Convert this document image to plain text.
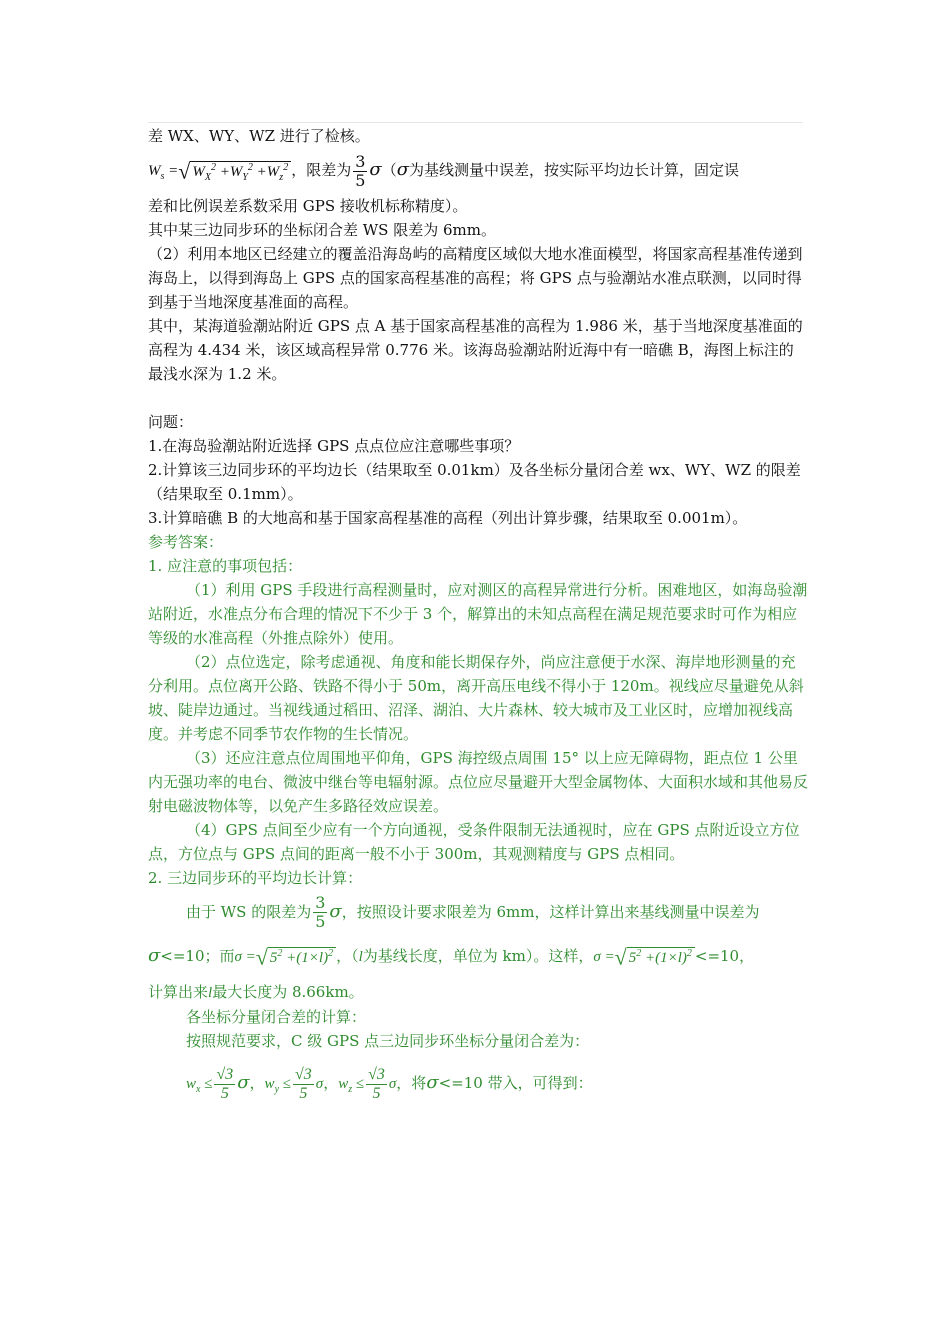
差 WX、WY、WZ 进行了检核。

$W_s$ =√ $W_X^2 +W_Y^2 +W_z^2$ ，限差为 $\frac{3}{5} \sigma(\sigma$为基线测量中误差，按实际平均边长计算，固定误

差和比例误差系数采用 GPS 接收机标称精度）。

其中某三边同步环的坐标闭合差 WS 限差为 6mm。

（2）利用本地区已经建立的覆盖沿海岛屿的高精度区域似大地水准面模型，将国家高程基准传递到海岛上，以得到海岛上 GPS 点的国家高程基准的高程；将 GPS 点与验潮站水准点联测，以同时得到基于当地深度基准面的高程。

其中，某海道验潮站附近 GPS 点 A 基于国家高程基准的高程为 1.986 米，基于当地深度基准面的高程为 4.434 米，该区域高程异常 0.776 米。该海岛验潮站附近海中有一暗礁 B，海图上标注的最浅水深为 1.2 米。

问题：

1.在海岛验潮站附近选择 GPS 点点位应注意哪些事项？

2.计算该三边同步环的平均边长（结果取至 0.01km）及各坐标分量闭合差 wx、WY、WZ 的限差（结果取至 0.1mm）。

3.计算暗礁 B 的大地高和基于国家高程基准的高程（列出计算步骤，结果取至 0.001m）。

参考答案：

1. 应注意的事项包括：

（1）利用 GPS 手段进行高程测量时，应对测区的高程异常进行分析。困难地区，如海岛验潮站附近，水准点分布合理的情况下不少于 3 个，解算出的未知点高程在满足规范要求时可作为相应等级的水准高程（外推点除外）使用。

（2）点位选定，除考虑通视、角度和能长期保存外，尚应注意便于水深、海岸地形测量的充分利用。点位离开公路、铁路不得小于 50m，离开高压电线不得小于 120m。视线应尽量避免从斜坡、陡岸边通过。当视线通过稻田、沼泽、湖泊、大片森林、较大城市及工业区时，应增加视线高度。并考虑不同季节农作物的生长情况。

（3）还应注意点位周围地平仰角，GPS 海控级点周围 15° 以上应无障碍物，距点位 1 公里内无强功率的电台、微波中继台等电辐射源。点位应尽量避开大型金属物体、大面积水域和其他易反射电磁波物体等，以免产生多路径效应误差。

（4）GPS 点间至少应有一个方向通视，受条件限制无法通视时，应在 GPS 点附近设立方位点，方位点与 GPS 点间的距离一般不小于 300m，其观测精度与 GPS 点相同。

2. 三边同步环的平均边长计算：

由于 WS 的限差为 $\frac{3}{5}$ σ，按照设计要求限差为 6mm，这样计算出来基线测量中误差为

σ<=10；而σ =√ $5^2 +(1\times l)^2$ ，（l为基线长度，单位为 km）。这样，σ =√ $5^2 +(1\times l)^2 <=10$，

计算出来l最大长度为 8.66km。

各坐标分量闭合差的计算：

按照规范要求，C 级 GPS 点三边同步环坐标分量闭合差为：

$w_x \le \frac{√3}{5}$ σ，$w_y \le \frac{√3}{5}$ σ，$w_z \le \frac{√3}{5}$ σ，将σ<=10 带入，可得到：
